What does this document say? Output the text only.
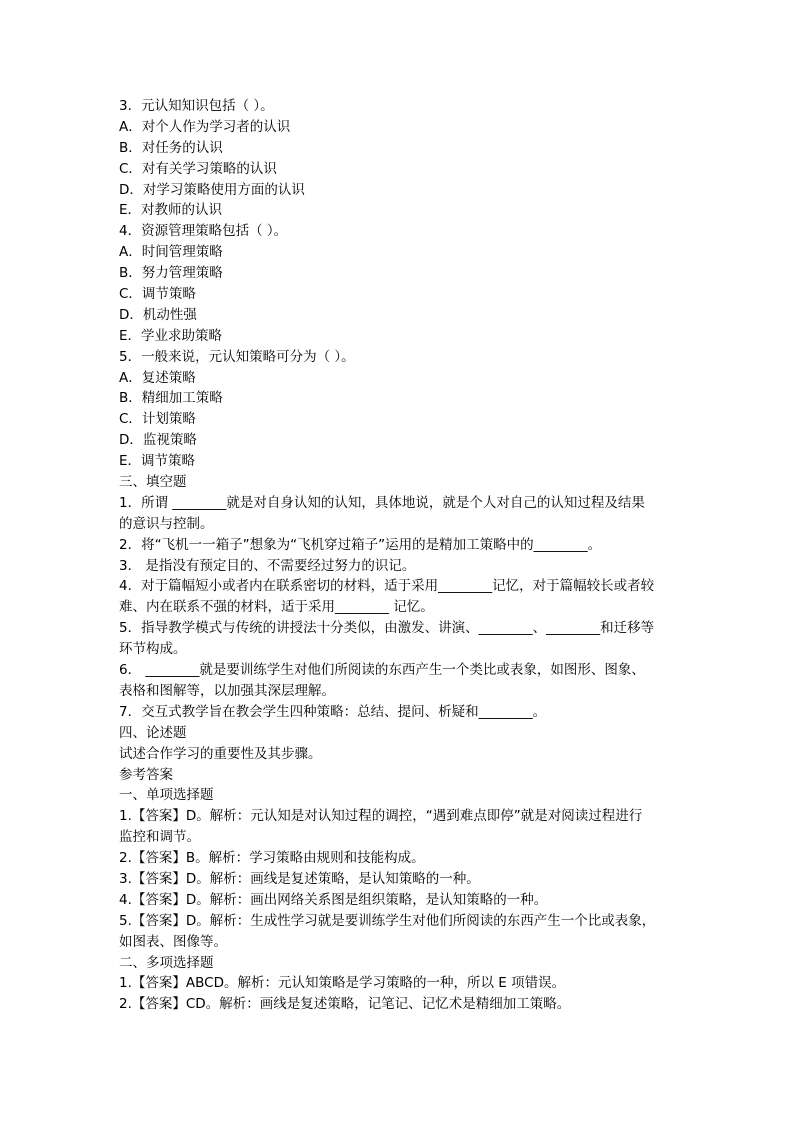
3．元认知知识包括（ ）。
A．对个人作为学习者的认识
B．对任务的认识
C．对有关学习策略的认识
D．对学习策略使用方面的认识
E．对教师的认识
4．资源管理策略包括（ ）。
A．时间管理策略
B．努力管理策略
C．调节策略
D．机动性强
E．学业求助策略
5．一般来说，元认知策略可分为（ ）。
A．复述策略
B．精细加工策略
C．计划策略
D．监视策略
E．调节策略
三、填空题
1．所谓 ________就是对自身认知的认知，具体地说，就是个人对自己的认知过程及结果
的意识与控制。
2．将“飞机一一箱子”想象为“飞机穿过箱子”运用的是精加工策略中的________。
3． 是指没有预定目的、不需要经过努力的识记。
4．对于篇幅短小或者内在联系密切的材料，适于采用________记忆，对于篇幅较长或者较
难、内在联系不强的材料，适于采用________ 记忆。
5．指导教学模式与传统的讲授法十分类似，由激发、讲演、________、________和迁移等
环节构成。
6． ________就是要训练学生对他们所阅读的东西产生一个类比或表象，如图形、图象、
表格和图解等，以加强其深层理解。
7．交互式教学旨在教会学生四种策略：总结、提问、析疑和________。
四、论述题
试述合作学习的重要性及其步骤。
参考答案
一、单项选择题
1.【答案】D。解析：元认知是对认知过程的调控，“遇到难点即停”就是对阅读过程进行
监控和调节。
2.【答案】B。解析：学习策略由规则和技能构成。
3.【答案】D。解析：画线是复述策略，是认知策略的一种。
4.【答案】D。解析：画出网络关系图是组织策略，是认知策略的一种。
5.【答案】D。解析：生成性学习就是要训练学生对他们所阅读的东西产生一个比或表象，
如图表、图像等。
二、多项选择题
1.【答案】ABCD。解析：元认知策略是学习策略的一种，所以 E 项错误。
2.【答案】CD。解析：画线是复述策略，记笔记、记忆术是精细加工策略。
